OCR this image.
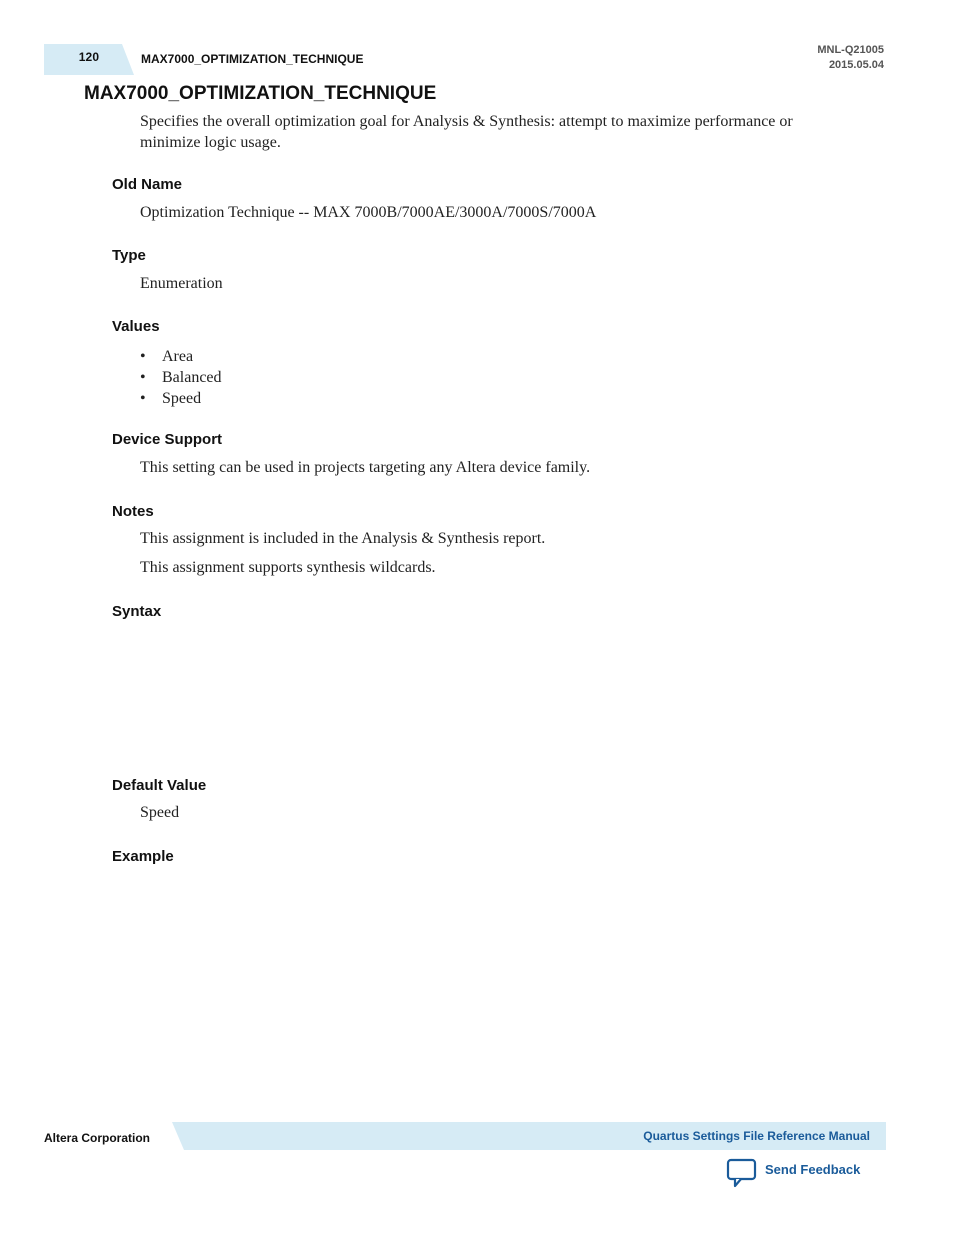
120	MAX7000_OPTIMIZATION_TECHNIQUE
MNL-Q21005
2015.05.04
MAX7000_OPTIMIZATION_TECHNIQUE

Specifies the overall optimization goal for Analysis & Synthesis: attempt to maximize performance or minimize logic usage.

Old Name

Optimization Technique -- MAX 7000B/7000AE/3000A/7000S/7000A

Type

Enumeration

Values
• Area
• Balanced
• Speed
Device Support

This setting can be used in projects targeting any Altera device family.

Notes

This assignment is included in the Analysis & Synthesis report.

This assignment supports synthesis wildcards.

Syntax
Default Value

Speed

Example
Altera Corporation	Quartus Settings File Reference Manual
Send Feedback
